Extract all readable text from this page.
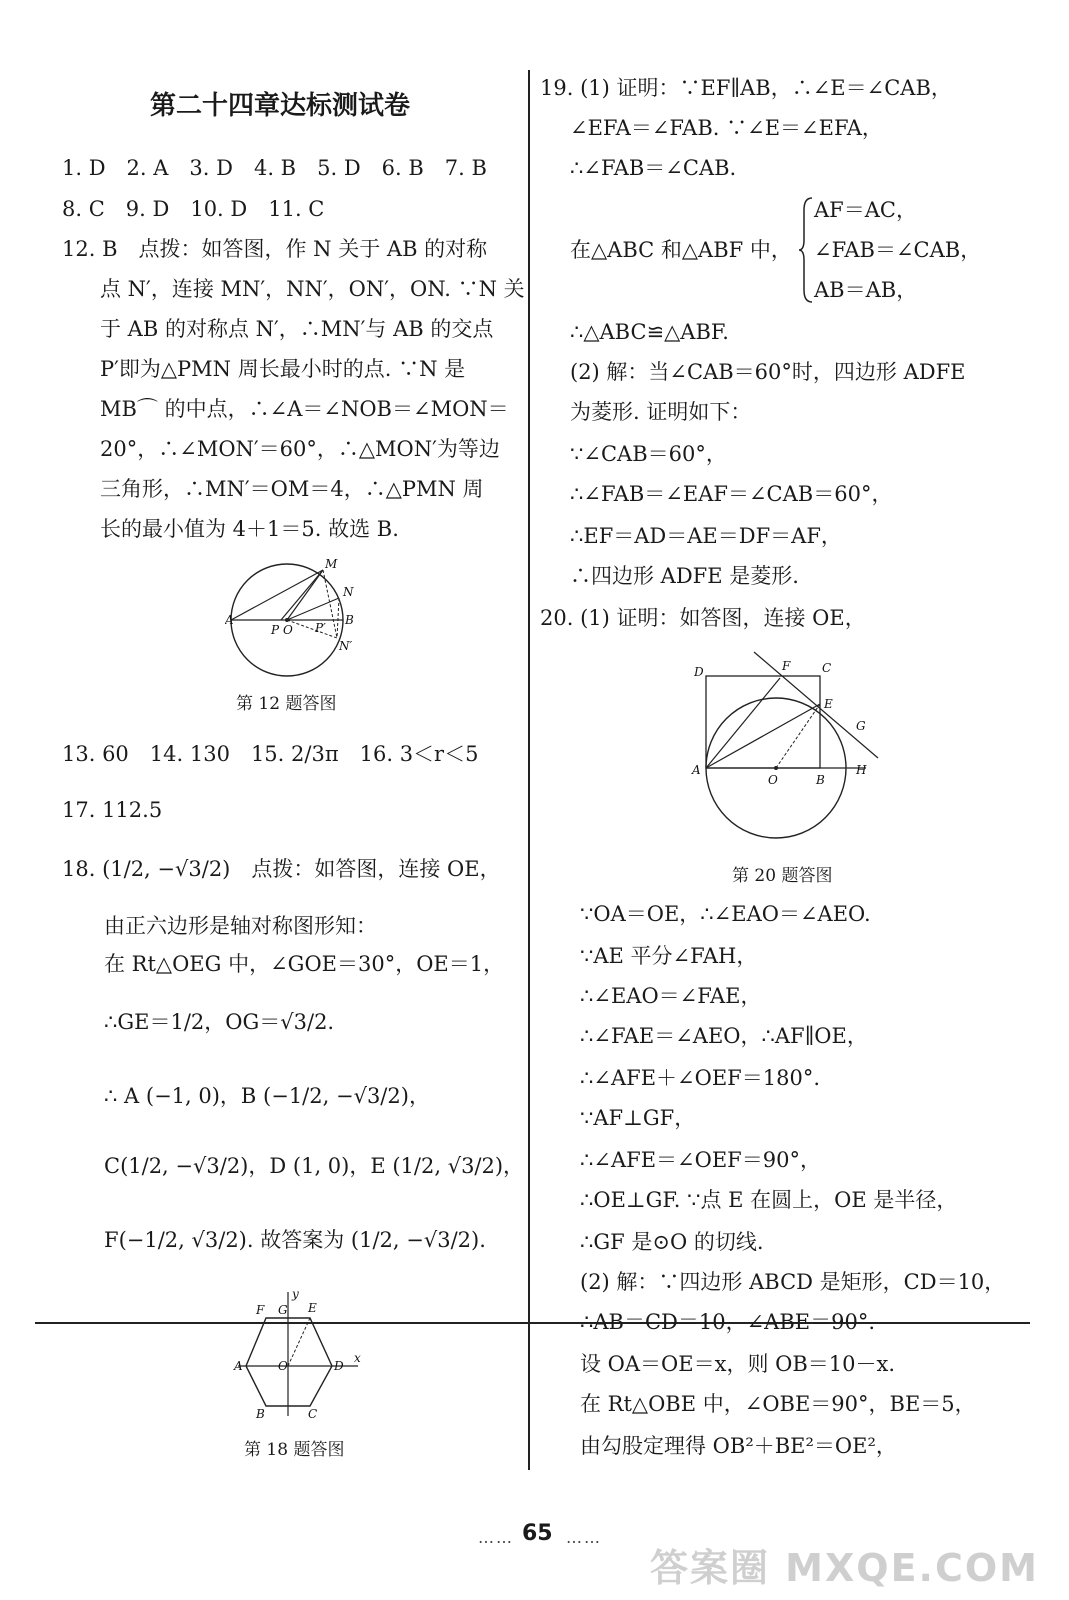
第二十四章达标测试卷
1. D　2. A　3. D　4. B　5. D　6. B　7. B
8. C　9. D　10. D　11. C
12. B　点拨：如答图，作 N 关于 AB 的对称
点 N′，连接 MN′，NN′，ON′，ON. ∵N 关
于 AB 的对称点 N′，∴MN′与 AB 的交点
P′即为△PMN 周长最小时的点. ∵N 是
MB⌒ 的中点，∴∠A＝∠NOB＝∠MON＝
20°，∴∠MON′＝60°，∴△MON′为等边
三角形，∴MN′＝OM＝4，∴△PMN 周
长的最小值为 4＋1＝5. 故选 B.
M
N
A
P O P′
B
N′
第 12 题答图
13. 60　14. 130　15. 2/3π　16. 3＜r＜5
17. 112.5
18. (1/2, −√3/2)　点拨：如答图，连接 OE，
由正六边形是轴对称图形知：
在 Rt△OEG 中，∠GOE＝30°，OE＝1，
∴GE＝1/2，OG＝√3/2.
∴ A (−1, 0)，B (−1/2, −√3/2)，
C(1/2, −√3/2)，D (1, 0)，E (1/2, √3/2)，
F(−1/2, √3/2). 故答案为 (1/2, −√3/2).
y
F G E
A	O	D
x
B	C
第 18 题答图
19. (1) 证明：∵EF∥AB，∴∠E＝∠CAB，
∠EFA＝∠FAB. ∵∠E＝∠EFA，
∴∠FAB＝∠CAB.
在△ABC 和△ABF 中，
AF＝AC，
∠FAB＝∠CAB，
AB＝AB，
∴△ABC≌△ABF.
(2) 解：当∠CAB＝60°时，四边形 ADFE
为菱形. 证明如下：
∵∠CAB＝60°，
∴∠FAB＝∠EAF＝∠CAB＝60°，
∴EF＝AD＝AE＝DF＝AF，
∴四边形 ADFE 是菱形.
20. (1) 证明：如答图，连接 OE，
D	F	C
E
G
A
O	B
H
第 20 题答图
∵OA＝OE，∴∠EAO＝∠AEO.
∵AE 平分∠FAH，
∴∠EAO＝∠FAE，
∴∠FAE＝∠AEO，∴AF∥OE，
∴∠AFE＋∠OEF＝180°.
∵AF⊥GF，
∴∠AFE＝∠OEF＝90°，
∴OE⊥GF. ∵点 E 在圆上，OE 是半径，
∴GF 是⊙O 的切线.
(2) 解：∵四边形 ABCD 是矩形，CD＝10，
∴AB＝CD＝10，∠ABE＝90°.
设 OA＝OE＝x，则 OB＝10－x.
在 Rt△OBE 中，∠OBE＝90°，BE＝5，
由勾股定理得 OB²＋BE²＝OE²，
…… 65 ……
答案圈 MXQE.COM
